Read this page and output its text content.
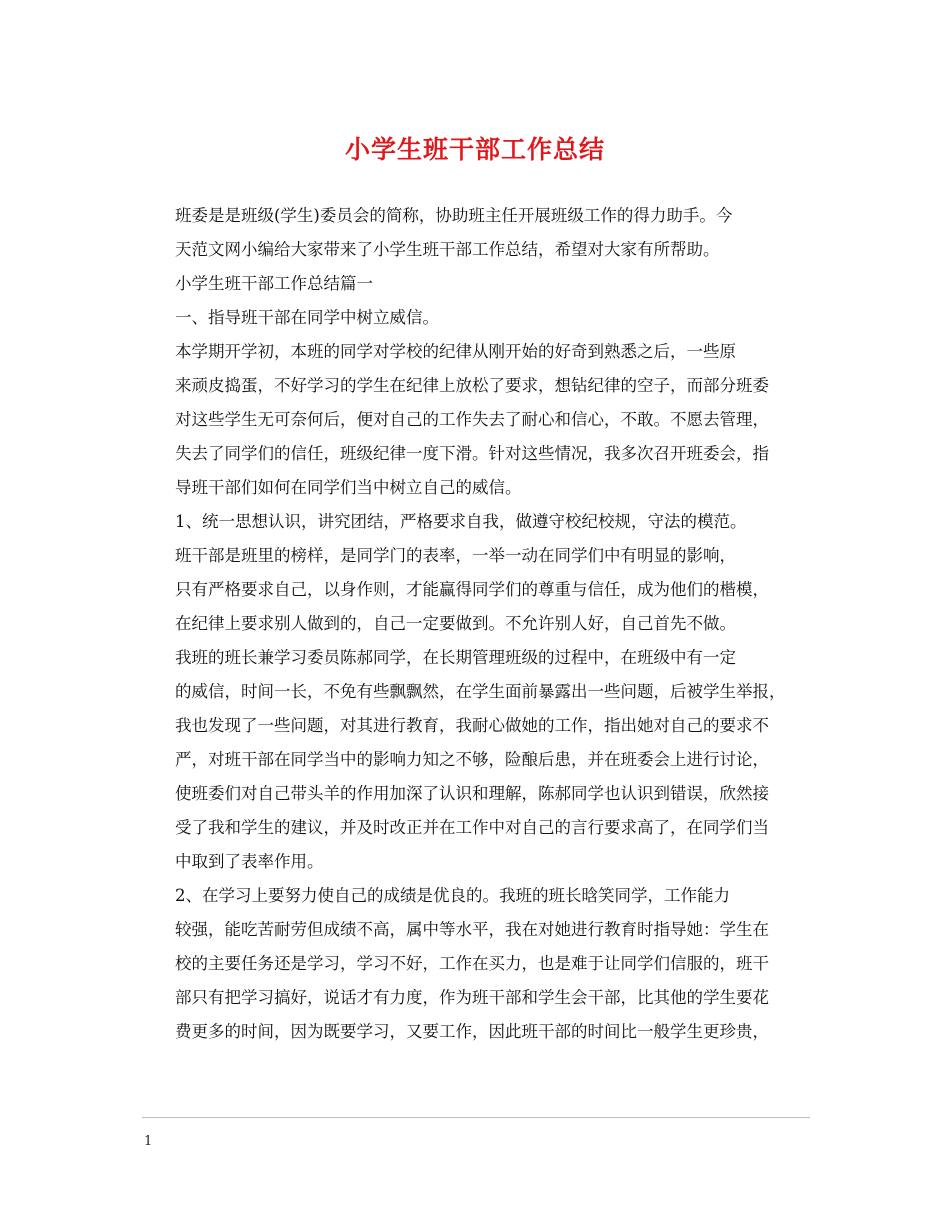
小学生班干部工作总结

班委是是班级(学生)委员会的简称，协助班主任开展班级工作的得力助手。今
天范文网小编给大家带来了小学生班干部工作总结，希望对大家有所帮助。

小学生班干部工作总结篇一

一、指导班干部在同学中树立威信。

本学期开学初，本班的同学对学校的纪律从刚开始的好奇到熟悉之后，一些原
来顽皮捣蛋，不好学习的学生在纪律上放松了要求，想钻纪律的空子，而部分班委
对这些学生无可奈何后，便对自己的工作失去了耐心和信心，不敢。不愿去管理，
失去了同学们的信任，班级纪律一度下滑。针对这些情况，我多次召开班委会，指
导班干部们如何在同学们当中树立自己的威信。

1、统一思想认识，讲究团结，严格要求自我，做遵守校纪校规，守法的模范。

班干部是班里的榜样，是同学门的表率，一举一动在同学们中有明显的影响，
只有严格要求自己，以身作则，才能赢得同学们的尊重与信任，成为他们的楷模，
在纪律上要求别人做到的，自己一定要做到。不允许别人好，自己首先不做。

我班的班长兼学习委员陈郝同学，在长期管理班级的过程中，在班级中有一定
的威信，时间一长，不免有些飘飘然，在学生面前暴露出一些问题，后被学生举报，
我也发现了一些问题，对其进行教育，我耐心做她的工作，指出她对自己的要求不
严，对班干部在同学当中的影响力知之不够，险酿后患，并在班委会上进行讨论，
使班委们对自己带头羊的作用加深了认识和理解，陈郝同学也认识到错误，欣然接
受了我和学生的建议，并及时改正并在工作中对自己的言行要求高了，在同学们当
中取到了表率作用。

2、在学习上要努力使自己的成绩是优良的。我班的班长晗笑同学，工作能力
较强，能吃苦耐劳但成绩不高，属中等水平，我在对她进行教育时指导她：学生在
校的主要任务还是学习，学习不好，工作在买力，也是难于让同学们信服的，班干
部只有把学习搞好，说话才有力度，作为班干部和学生会干部，比其他的学生要花
费更多的时间，因为既要学习，又要工作，因此班干部的时间比一般学生更珍贵，

1
